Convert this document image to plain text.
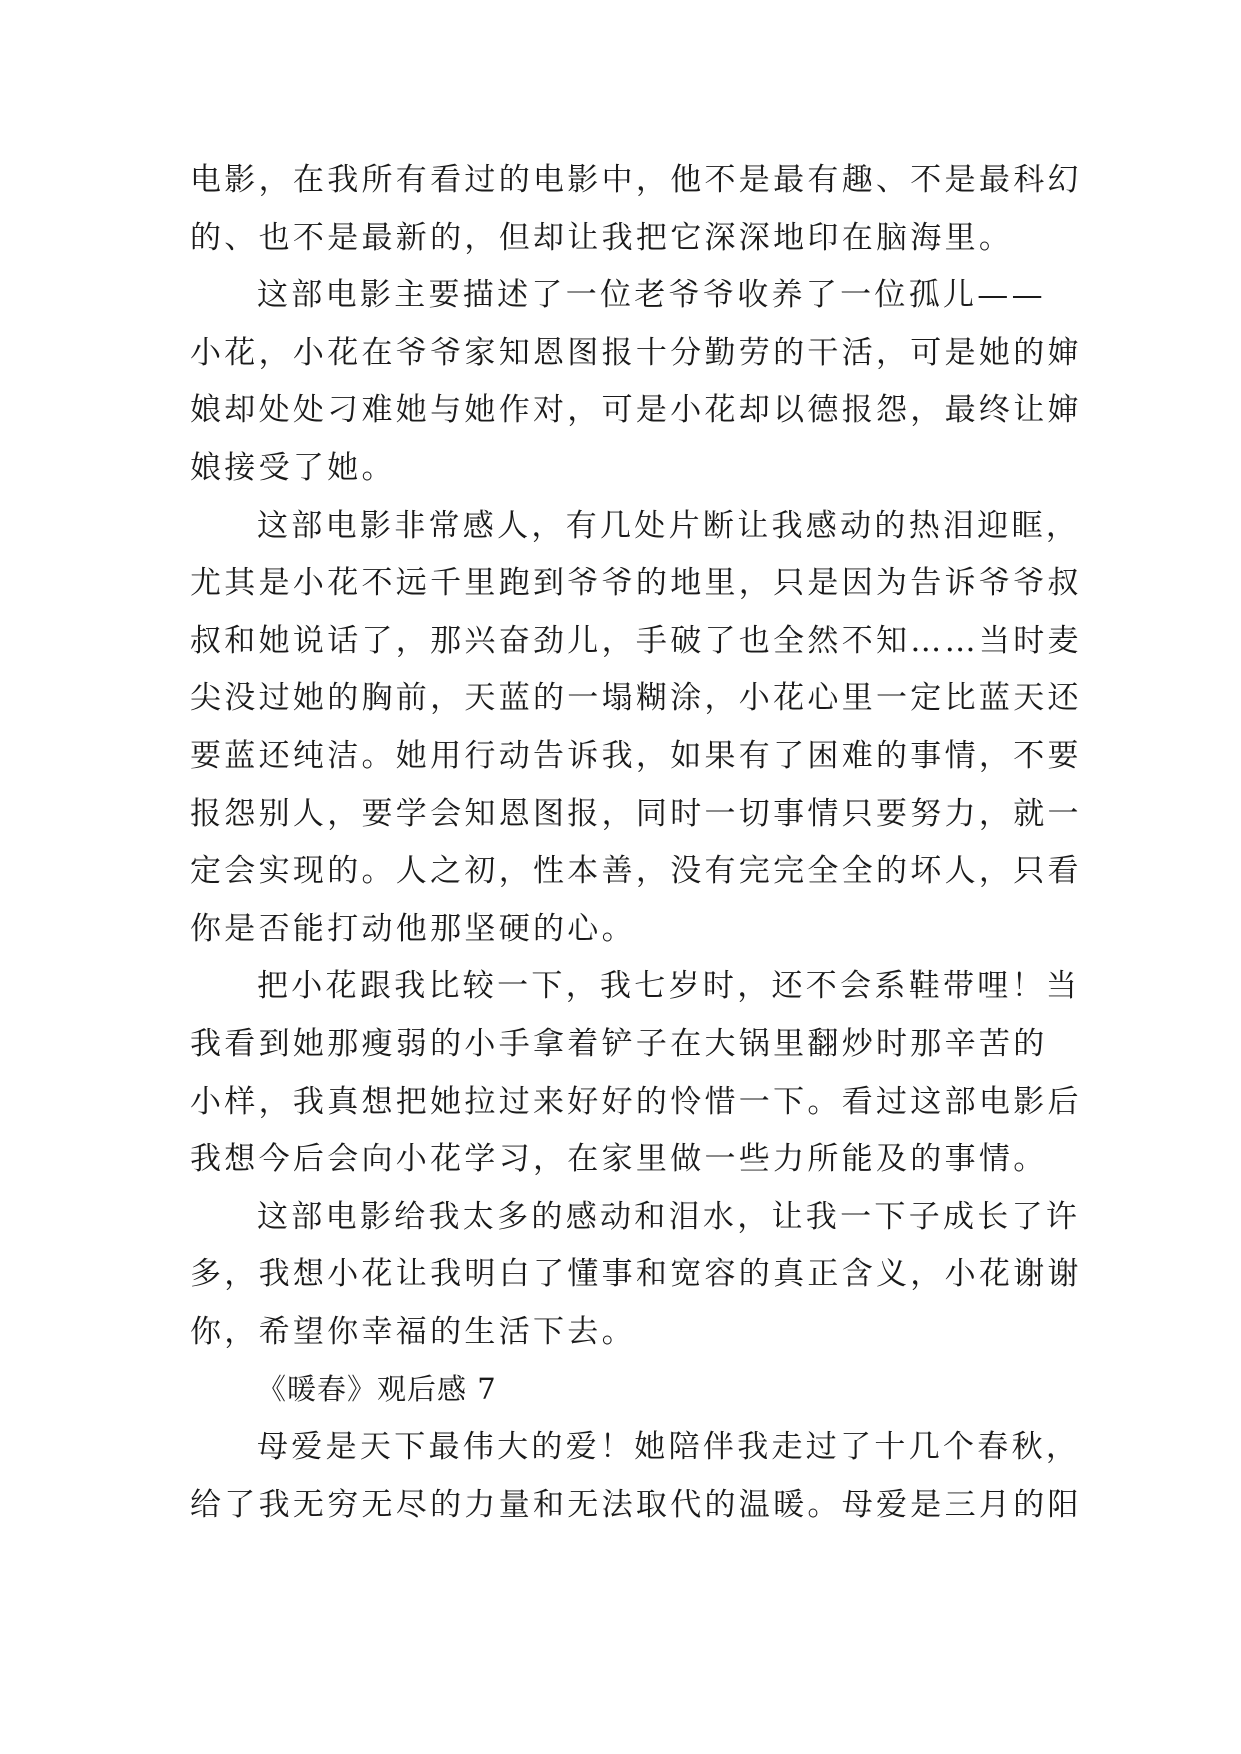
电影，在我所有看过的电影中，他不是最有趣、不是最科幻
的、也不是最新的，但却让我把它深深地印在脑海里。
这部电影主要描述了一位老爷爷收养了一位孤儿——
小花，小花在爷爷家知恩图报十分勤劳的干活，可是她的婶
娘却处处刁难她与她作对，可是小花却以德报怨，最终让婶
娘接受了她。
这部电影非常感人，有几处片断让我感动的热泪迎眶，
尤其是小花不远千里跑到爷爷的地里，只是因为告诉爷爷叔
叔和她说话了，那兴奋劲儿，手破了也全然不知……当时麦
尖没过她的胸前，天蓝的一塌糊涂，小花心里一定比蓝天还
要蓝还纯洁。她用行动告诉我，如果有了困难的事情，不要
报怨别人，要学会知恩图报，同时一切事情只要努力，就一
定会实现的。人之初，性本善，没有完完全全的坏人，只看
你是否能打动他那坚硬的心。
把小花跟我比较一下，我七岁时，还不会系鞋带哩！当
我看到她那瘦弱的小手拿着铲子在大锅里翻炒时那辛苦的
小样，我真想把她拉过来好好的怜惜一下。看过这部电影后
我想今后会向小花学习，在家里做一些力所能及的事情。
这部电影给我太多的感动和泪水，让我一下子成长了许
多，我想小花让我明白了懂事和宽容的真正含义，小花谢谢
你，希望你幸福的生活下去。
《暖春》观后感 7
母爱是天下最伟大的爱！她陪伴我走过了十几个春秋，
给了我无穷无尽的力量和无法取代的温暖。母爱是三月的阳
